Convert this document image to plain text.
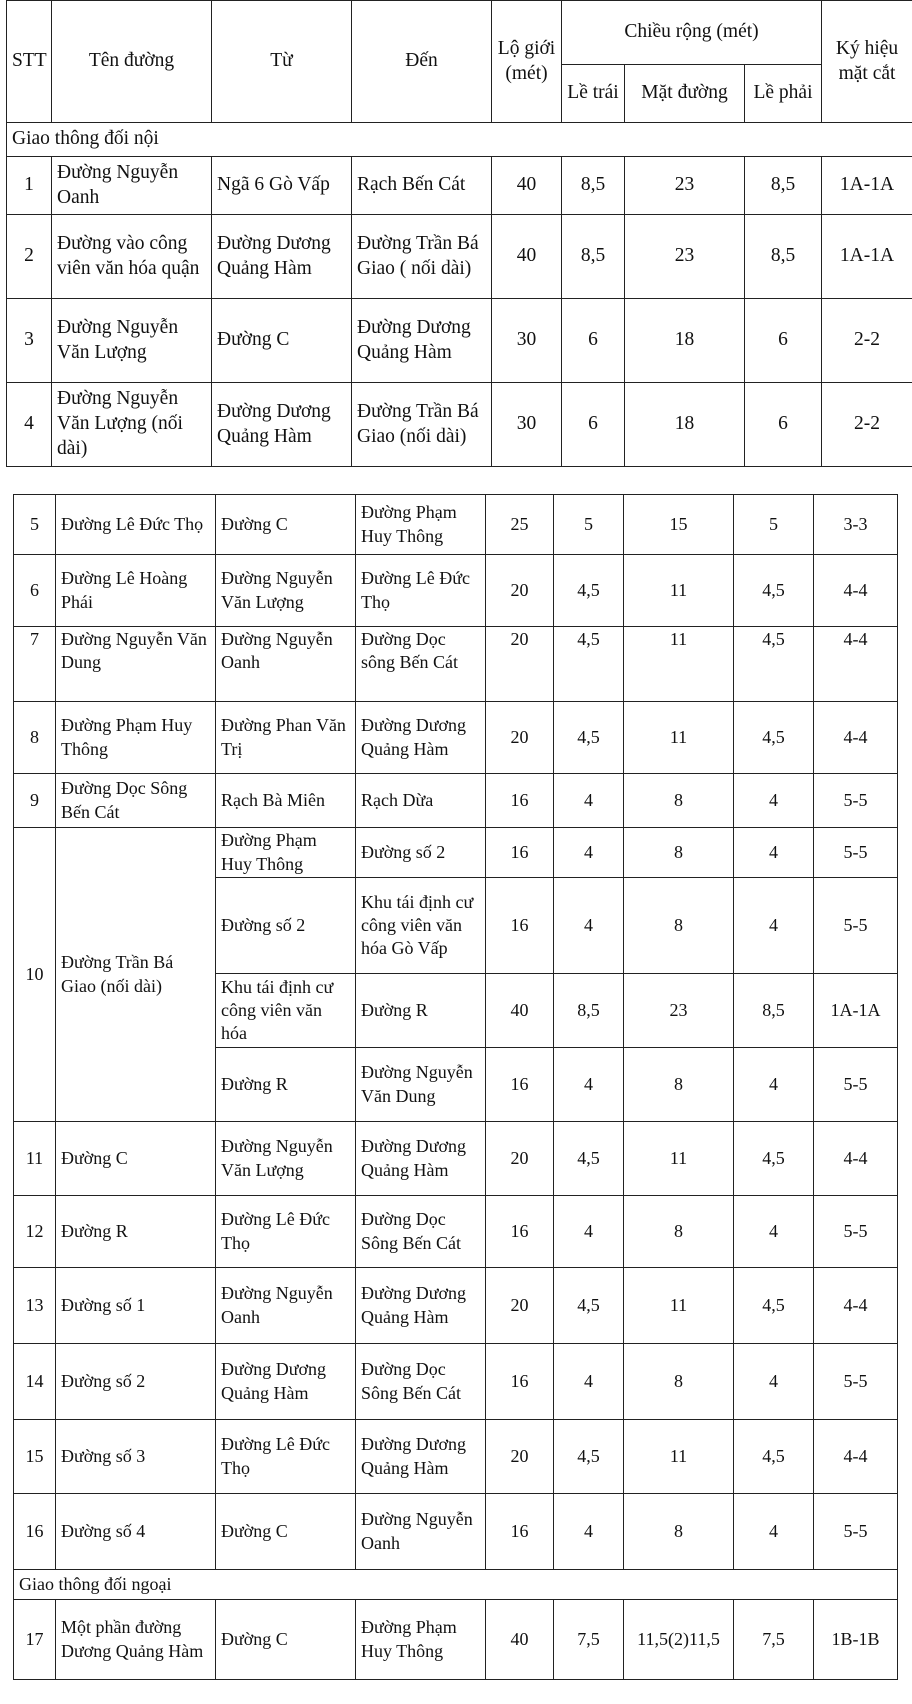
STT	Tên đường	Từ	Đến	Lộ giới (mét)	Chiều rộng (mét)			Ký hiệu mặt cắt
					Lề trái	Mặt đường	Lề phải	
Giao thông đối nội								
1	Đường Nguyễn Oanh	Ngã 6 Gò Vấp	Rạch Bến Cát	40	8,5	23	8,5	1A-1A
2	Đường vào công viên văn hóa quận	Đường Dương Quảng Hàm	Đường Trần Bá Giao ( nối dài)	40	8,5	23	8,5	1A-1A
3	Đường Nguyễn Văn Lượng	Đường C	Đường Dương Quảng Hàm	30	6	18	6	2-2
4	Đường Nguyễn Văn Lượng (nối dài)	Đường Dương Quảng Hàm	Đường Trần Bá Giao (nối dài)	30	6	18	6	2-2
5	Đường Lê Đức Thọ	Đường C	Đường Phạm Huy Thông	25	5	15	5	3-3
6	Đường Lê Hoàng Phái	Đường Nguyễn Văn Lượng	Đường Lê Đức Thọ	20	4,5	11	4,5	4-4
7	Đường Nguyễn Văn Dung	Đường Nguyễn Oanh	Đường Dọc sông Bến Cát	20	4,5	11	4,5	4-4
8	Đường Phạm Huy Thông	Đường Phan Văn Trị	Đường Dương Quảng Hàm	20	4,5	11	4,5	4-4
9	Đường Dọc Sông Bến Cát	Rạch Bà Miên	Rạch Dừa	16	4	8	4	5-5
10	Đường Trần Bá Giao (nối dài)	Đường Phạm Huy Thông	Đường số 2	16	4	8	4	5-5
		Đường số 2	Khu tái định cư công viên văn hóa Gò Vấp	16	4	8	4	5-5
		Khu tái định cư công viên văn hóa	Đường R	40	8,5	23	8,5	1A-1A
		Đường R	Đường Nguyễn Văn Dung	16	4	8	4	5-5
11	Đường C	Đường Nguyễn Văn Lượng	Đường Dương Quảng Hàm	20	4,5	11	4,5	4-4
12	Đường R	Đường Lê Đức Thọ	Đường Dọc Sông Bến Cát	16	4	8	4	5-5
13	Đường số 1	Đường Nguyễn Oanh	Đường Dương Quảng Hàm	20	4,5	11	4,5	4-4
14	Đường số 2	Đường Dương Quảng Hàm	Đường Dọc Sông Bến Cát	16	4	8	4	5-5
15	Đường số 3	Đường Lê Đức Thọ	Đường Dương Quảng Hàm	20	4,5	11	4,5	4-4
16	Đường số 4	Đường C	Đường Nguyễn Oanh	16	4	8	4	5-5
Giao thông đối ngoại								
17	Một phần đường Dương Quảng Hàm	Đường C	Đường Phạm Huy Thông	40	7,5	11,5(2)11,5	7,5	1B-1B
